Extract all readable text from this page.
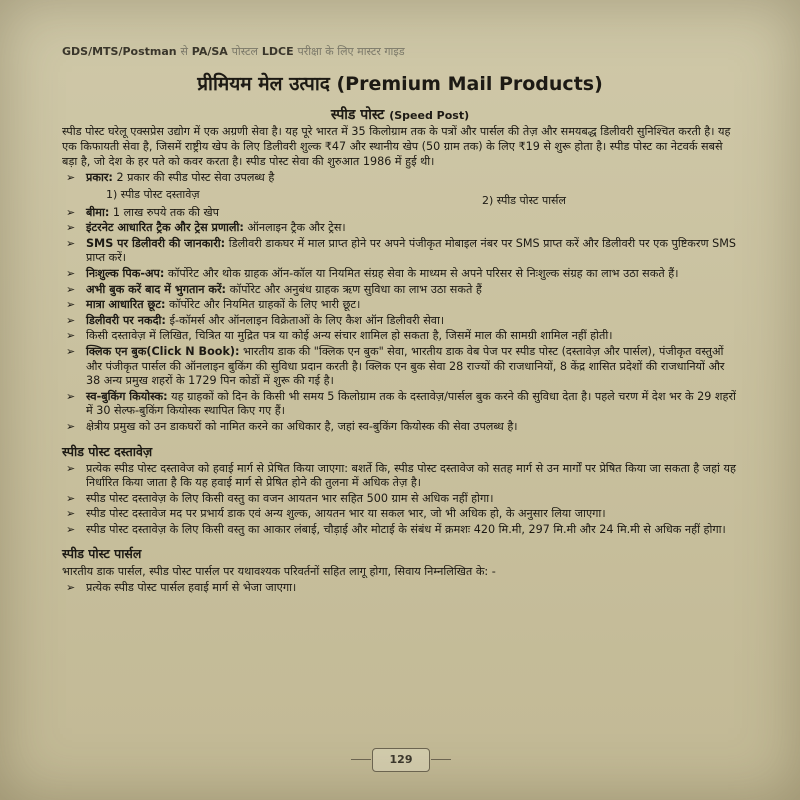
GDS/MTS/Postman से PA/SA पोस्टल LDCE परीक्षा के लिए मास्टर गाइड
प्रीमियम मेल उत्पाद (Premium Mail Products)
स्पीड पोस्ट (Speed Post)

स्पीड पोस्ट घरेलू एक्सप्रेस उद्योग में एक अग्रणी सेवा है। यह पूरे भारत में 35 किलोग्राम तक के पत्रों और पार्सल की तेज़ और समयबद्ध डिलीवरी सुनिश्चित करती है। यह एक किफायती सेवा है, जिसमें राष्ट्रीय खेप के लिए डिलीवरी शुल्क ₹47 और स्थानीय खेप (50 ग्राम तक) के लिए ₹19 से शुरू होता है। स्पीड पोस्ट का नेटवर्क सबसे बड़ा है, जो देश के हर पते को कवर करता है। स्पीड पोस्ट सेवा की शुरुआत 1986 में हुई थी।

➢ प्रकार: 2 प्रकार की स्पीड पोस्ट सेवा उपलब्ध है
1) स्पीड पोस्ट दस्तावेज़	2) स्पीड पोस्ट पार्सल
➢ बीमा: 1 लाख रुपये तक की खेप
➢ इंटरनेट आधारित ट्रैक और ट्रेस प्रणाली: ऑनलाइन ट्रैक और ट्रेस।
➢ SMS पर डिलीवरी की जानकारी: डिलीवरी डाकघर में माल प्राप्त होने पर अपने पंजीकृत मोबाइल नंबर पर SMS प्राप्त करें और डिलीवरी पर एक पुष्टिकरण SMS प्राप्त करें।
➢ निःशुल्क पिक-अप: कॉर्पोरेट और थोक ग्राहक ऑन-कॉल या नियमित संग्रह सेवा के माध्यम से अपने परिसर से निःशुल्क संग्रह का लाभ उठा सकते हैं।
➢ अभी बुक करें बाद में भुगतान करें: कॉर्पोरेट और अनुबंध ग्राहक ऋण सुविधा का लाभ उठा सकते हैं
➢ मात्रा आधारित छूट: कॉर्पोरेट और नियमित ग्राहकों के लिए भारी छूट।
➢ डिलीवरी पर नकदी: ई-कॉमर्स और ऑनलाइन विक्रेताओं के लिए कैश ऑन डिलीवरी सेवा।
➢ किसी दस्तावेज़ में लिखित, चित्रित या मुद्रित पत्र या कोई अन्य संचार शामिल हो सकता है, जिसमें माल की सामग्री शामिल नहीं होती।
➢ क्लिक एन बुक(Click N Book): भारतीय डाक की "क्लिक एन बुक" सेवा, भारतीय डाक वेब पेज पर स्पीड पोस्ट (दस्तावेज़ और पार्सल), पंजीकृत वस्तुओं और पंजीकृत पार्सल की ऑनलाइन बुकिंग की सुविधा प्रदान करती है। क्लिक एन बुक सेवा 28 राज्यों की राजधानियों, 8 केंद्र शासित प्रदेशों की राजधानियों और 38 अन्य प्रमुख शहरों के 1729 पिन कोडों में शुरू की गई है।
➢ स्व-बुकिंग कियोस्क: यह ग्राहकों को दिन के किसी भी समय 5 किलोग्राम तक के दस्तावेज़/पार्सल बुक करने की सुविधा देता है। पहले चरण में देश भर के 29 शहरों में 30 सेल्फ-बुकिंग कियोस्क स्थापित किए गए हैं।
➢ क्षेत्रीय प्रमुख को उन डाकघरों को नामित करने का अधिकार है, जहां स्व-बुकिंग कियोस्क की सेवा उपलब्ध है।
स्पीड पोस्ट दस्तावेज़
➢ प्रत्येक स्पीड पोस्ट दस्तावेज को हवाई मार्ग से प्रेषित किया जाएगा: बशर्ते कि, स्पीड पोस्ट दस्तावेज को सतह मार्ग से उन मार्गों पर प्रेषित किया जा सकता है जहां यह निर्धारित किया जाता है कि यह हवाई मार्ग से प्रेषित होने की तुलना में अधिक तेज़ है।
➢ स्पीड पोस्ट दस्तावेज़ के लिए किसी वस्तु का वजन आयतन भार सहित 500 ग्राम से अधिक नहीं होगा।
➢ स्पीड पोस्ट दस्तावेज मद पर प्रभार्य डाक एवं अन्य शुल्क, आयतन भार या सकल भार, जो भी अधिक हो, के अनुसार लिया जाएगा।
➢ स्पीड पोस्ट दस्तावेज़ के लिए किसी वस्तु का आकार लंबाई, चौड़ाई और मोटाई के संबंध में क्रमशः 420 मि.मी, 297 मि.मी और 24 मि.मी से अधिक नहीं होगा।
स्पीड पोस्ट पार्सल

भारतीय डाक पार्सल, स्पीड पोस्ट पार्सल पर यथावश्यक परिवर्तनों सहित लागू होगा, सिवाय निम्नलिखित के: -

➢ प्रत्येक स्पीड पोस्ट पार्सल हवाई मार्ग से भेजा जाएगा।
129
